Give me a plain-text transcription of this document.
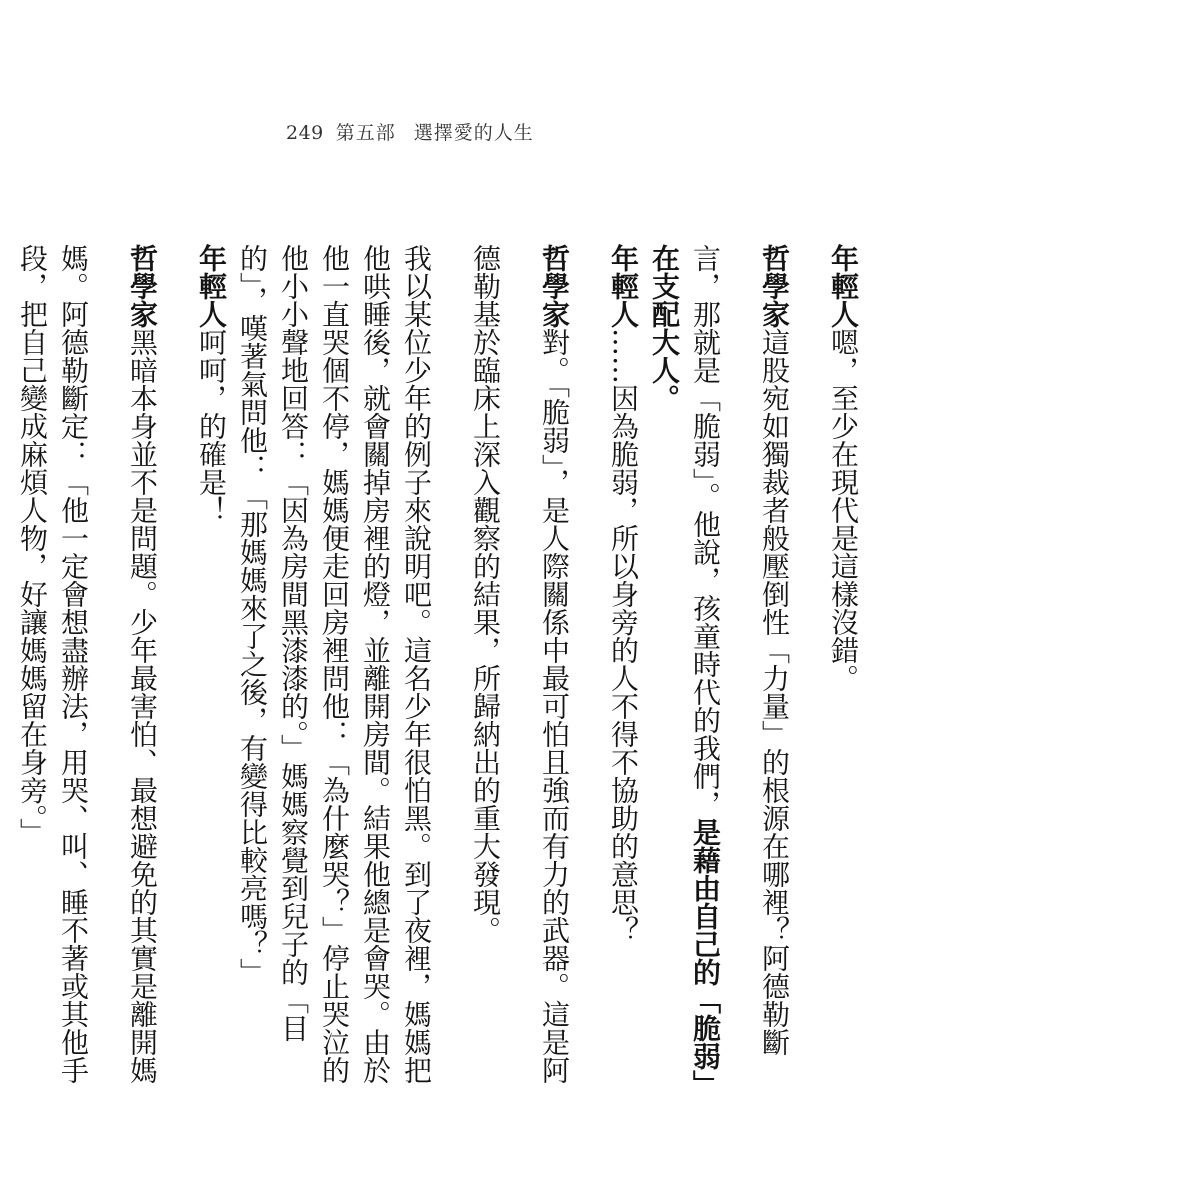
249 第五部 選擇愛的人生

年輕人嗯，至少在現代是這樣沒錯。

哲學家這股宛如獨裁者般壓倒性「力量」的根源在哪裡？阿德勒斷言，那就是「脆弱」。他說，孩童時代的我們，是藉由自己的「脆弱」在支配大人。

年輕人……因為脆弱，所以身旁的人不得不協助的意思？

哲學家對。「脆弱」，是人際關係中最可怕且強而有力的武器。這是阿德勒基於臨床上深入觀察的結果，所歸納出的重大發現。

我以某位少年的例子來說明吧。這名少年很怕黑。到了夜裡，媽媽把他哄睡後，就會關掉房裡的燈，並離開房間。結果他總是會哭。由於他一直哭個不停，媽媽便走回房裡問他：「為什麼哭？」停止哭泣的他小小聲地回答：「因為房間黑漆漆的。」媽媽察覺到兒子的「目的」，嘆著氣問他：「那媽媽來了之後，有變得比較亮嗎？」

年輕人呵呵，的確是！

哲學家黑暗本身並不是問題。少年最害怕、最想避免的其實是離開媽媽。阿德勒斷定：「他一定會想盡辦法，用哭、叫、睡不著或其他手段，把自己變成麻煩人物，好讓媽媽留在身旁。」
